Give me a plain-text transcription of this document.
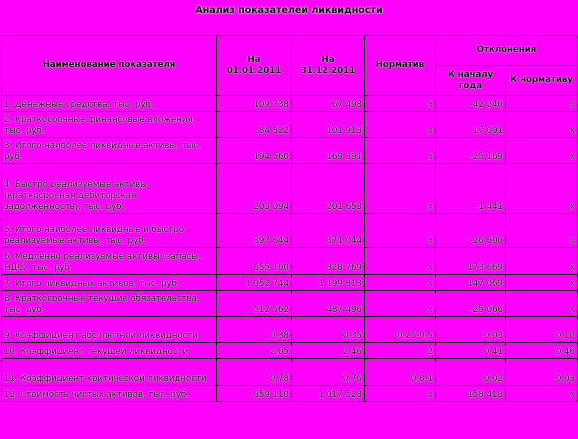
Анализ показателей ликвидности
Наименование показателя	На 01.01.2011	На 31.12.2011	Норматив	Отклонения	
				К началу года	К нормативу
1. Денежные средства, тыс. руб.	109 738	67 498	х	-42 240	х
2. Краткосрочные финансовые вложения, тыс. руб.	84 822	101 913	х	17 091	х
3. Итого наиболее ликвидные активы, тыс. руб.	194 560	169 391	х	-25 169	х
4. Быстро реализуемые активы (краткосрочная дебиторская задолженность), тыс. руб.	203 094	201 653	х	-1 441	х
5. Итого наиболее ликвидные и быстро реализуемые активы, тыс. руб.	397 644	371 044	х	-26 600	х
6. Медленно реализуемые активы (запасы, НДС), тыс. руб.	655 100	828 769	х	173 669	х
7. Итого ликвидных активов, тыс. руб.	1 052 744	1 199 813	х	147 069	х
8. Краткосрочные текущие обязательства, тыс. руб.	512 562	487 496	х	-25 066	х
9. Коэффициент абсолютной ликвидности	0,38	0,35	0,25-0,5	-0,03	0,10
10. Коэффициент текущей ликвидности	2,05	2,46	2	0,41	0,46
11. Коэффициент критической ликвидности	0,78	0,76	0,8-1	-0,02	-0,03
12. Стоимость чистых активов, тыс. руб.	859 110	1 017 528	х	158 418	х
